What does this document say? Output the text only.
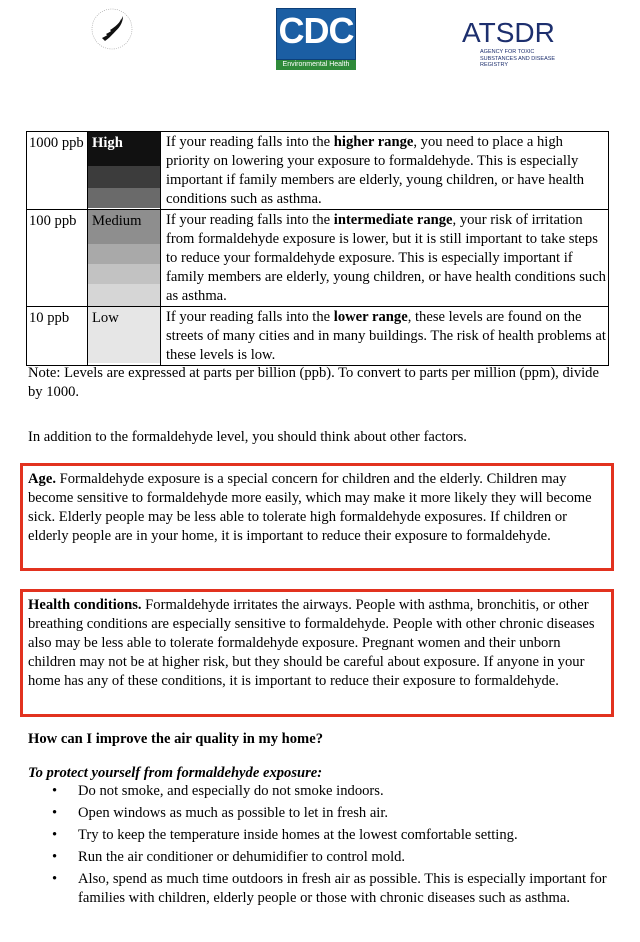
CDC
Environmental Health
ATSDR
AGENCY FOR TOXIC SUBSTANCES AND DISEASE REGISTRY
1000 ppb	High	If your reading falls into the higher range, you need to place a high priority on lowering your exposure to formaldehyde. This is especially important if family members are elderly, young children, or have health conditions such as asthma.
100 ppb	Medium	If your reading falls into the intermediate range, your risk of irritation from formaldehyde exposure is lower, but it is still important to take steps to reduce your formaldehyde exposure. This is especially important if family members are elderly, young children, or have health conditions such as asthma.
10 ppb	Low	If your reading falls into the lower range, these levels are found on the streets of many cities and in many buildings. The risk of health problems at these levels is low.
Note: Levels are expressed at parts per billion (ppb). To convert to parts per million (ppm), divide by 1000.
In addition to the formaldehyde level, you should think about other factors.

Age. Formaldehyde exposure is a special concern for children and the elderly. Children may become sensitive to formaldehyde more easily, which may make it more likely they will become sick. Elderly people may be less able to tolerate high formaldehyde exposures. If children or elderly people are in your home, it is important to reduce their exposure to formaldehyde.

Health conditions. Formaldehyde irritates the airways. People with asthma, bronchitis, or other breathing conditions are especially sensitive to formaldehyde. People with other chronic diseases also may be less able to tolerate formaldehyde exposure. Pregnant women and their unborn children may not be at higher risk, but they should be careful about exposure. If anyone in your home has any of these conditions, it is important to reduce their exposure to formaldehyde.

How can I improve the air quality in my home?
To protect yourself from formaldehyde exposure:
• Do not smoke, and especially do not smoke indoors.
• Open windows as much as possible to let in fresh air.
• Try to keep the temperature inside homes at the lowest comfortable setting.
• Run the air conditioner or dehumidifier to control mold.
• Also, spend as much time outdoors in fresh air as possible. This is especially important for families with children, elderly people or those with chronic diseases such as asthma.
